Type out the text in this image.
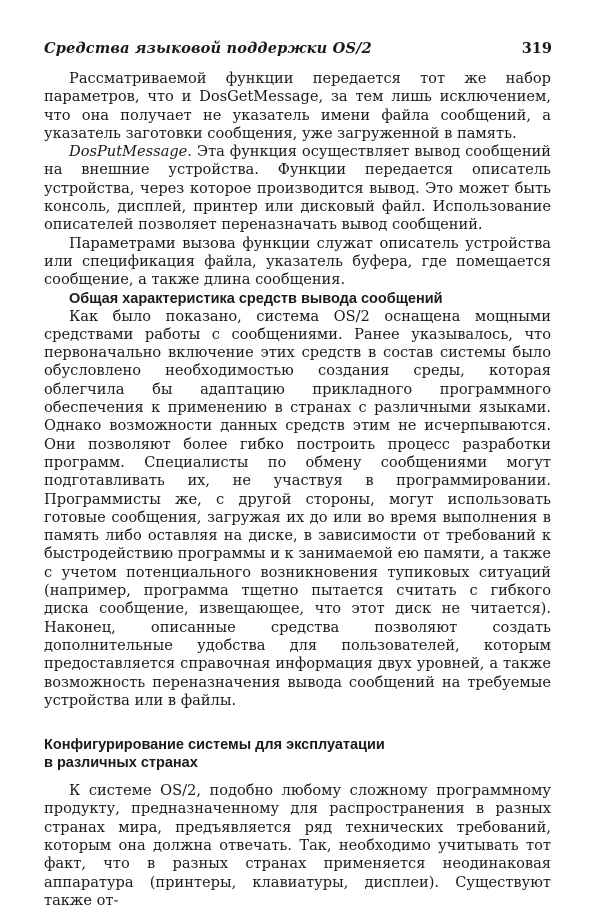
Средства языковой поддержки OS/2	319

Рассматриваемой функции передается тот же набор параметров, что и DosGetMessage, за тем лишь исключением, что она получает не указатель имени файла сообщений, а указатель заготовки сообщения, уже загруженной в память.

DosPutMessage. Эта функция осуществляет вывод сообщений на внешние устройства. Функции передается описатель устройства, через которое производится вывод. Это может быть консоль, дисплей, принтер или дисковый файл. Использование описателей позволяет переназначать вывод сообщений.

Параметрами вызова функции служат описатель устройства или спецификация файла, указатель буфера, где помещается сообщение, а также длина сообщения.

Общая характеристика средств вывода сообщений

Как было показано, система OS/2 оснащена мощными средствами работы с сообщениями. Ранее указывалось, что первоначально включение этих средств в состав системы было обусловлено необходимостью создания среды, которая облегчила бы адаптацию прикладного программного обеспечения к применению в странах с различными языками. Однако возможности данных средств этим не исчерпываются. Они позволяют более гибко построить процесс разработки программ. Специалисты по обмену сообщениями могут подготавливать их, не участвуя в программировании. Программисты же, с другой стороны, могут использовать готовые сообщения, загружая их до или во время выполнения в память либо оставляя на диске, в зависимости от требований к быстродействию программы и к занимаемой ею памяти, а также с учетом потенциального возникновения тупиковых ситуаций (например, программа тщетно пытается считать с гибкого диска сообщение, извещающее, что этот диск не читается). Наконец, описанные средства позволяют создать дополнительные удобства для пользователей, которым предоставляется справочная информация двух уровней, а также возможность переназначения вывода сообщений на требуемые устройства или в файлы.

Конфигурирование системы для эксплуатации
в различных странах

К системе OS/2, подобно любому сложному программному продукту, предназначенному для распространения в разных странах мира, предъявляется ряд технических требований, которым она должна отвечать. Так, необходимо учитывать тот факт, что в разных странах применяется неодинаковая аппаратура (принтеры, клавиатуры, дисплеи). Существуют также от-
